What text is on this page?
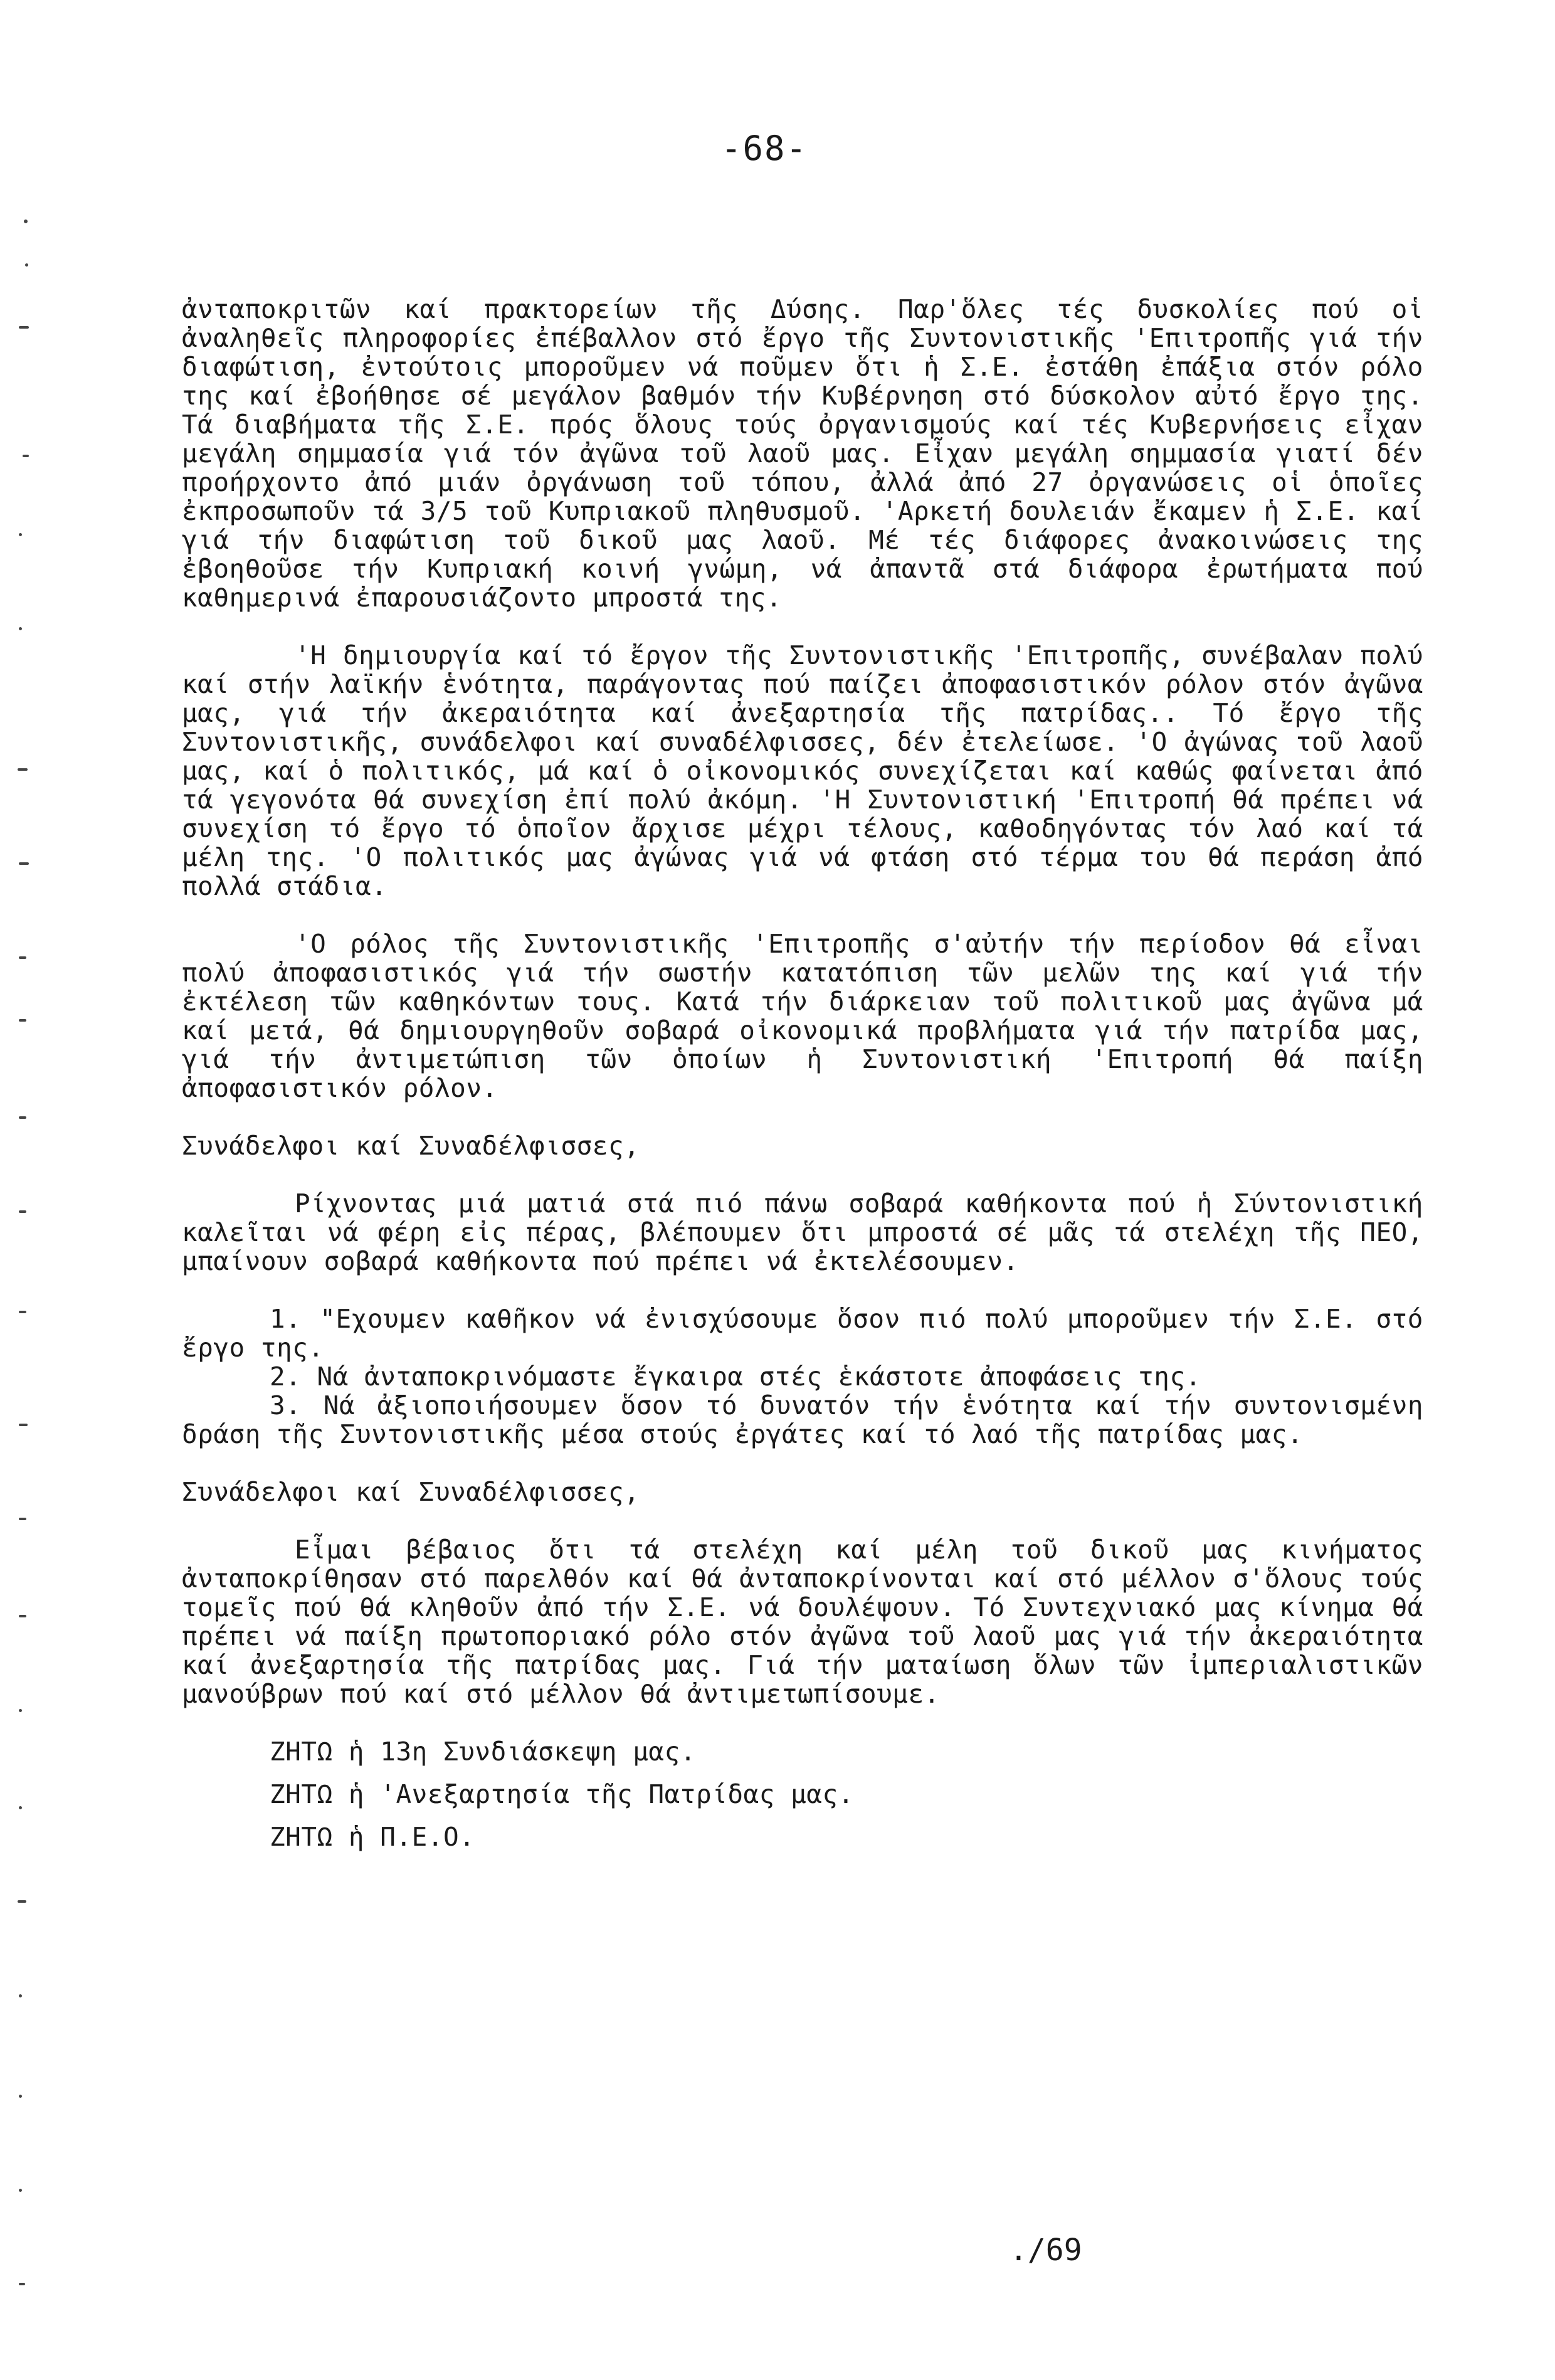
-68-

ἀνταποκριτῶν καί πρακτορείων τῆς Δύσης. Παρ'ὅλες τές δυσκολίες πού οἱ ἀναληθεῖς πληροφορίες ἐπέβαλλον στό ἔργο τῆς Συντονιστικῆς 'Επιτροπῆς γιά τήν διαφώτιση, ἐντούτοις μποροῦμεν νά ποῦμεν ὅτι ἡ Σ.Ε. ἐστάθη ἐπάξια στόν ρόλο της καί ἐβοήθησε σέ μεγάλον βαθμόν τήν Κυβέρνηση στό δύσκολον αὐτό ἔργο της. Τά διαβήματα τῆς Σ.Ε. πρός ὅλους τούς ὀργανισμούς καί τές Κυβερνήσεις εἶχαν μεγάλη σημμασία γιά τόν ἀγῶνα τοῦ λαοῦ μας. Εἶχαν μεγάλη σημμασία γιατί δέν προήρχοντο ἀπό μιάν ὀργάνωση τοῦ τόπου, ἀλλά ἀπό 27 ὀργανώσεις οἱ ὁποῖες ἐκπροσωποῦν τά 3/5 τοῦ Κυπριακοῦ πληθυσμοῦ. 'Αρκετή δουλειάν ἔκαμεν ἡ Σ.Ε. καί γιά τήν διαφώτιση τοῦ δικοῦ μας λαοῦ. Μέ τές διάφορες ἀνακοινώσεις της ἐβοηθοῦσε τήν Κυπριακή κοινή γνώμη, νά ἀπαντᾶ στά διάφορα ἐρωτήματα πού καθημερινά ἐπαρουσιάζοντο μπροστά της.

'Η δημιουργία καί τό ἔργον τῆς Συντονιστικῆς 'Επιτροπῆς, συνέβαλαν πολύ καί στήν λαϊκήν ἑνότητα, παράγοντας πού παίζει ἀποφασιστικόν ρόλον στόν ἀγῶνα μας, γιά τήν ἀκεραιότητα καί ἀνεξαρτησία τῆς πατρίδας.. Τό ἔργο τῆς Συντονιστικῆς, συνάδελφοι καί συναδέλφισσες, δέν ἐτελείωσε. 'Ο ἀγώνας τοῦ λαοῦ μας, καί ὁ πολιτικός, μά καί ὁ οἰκονομικός συνεχίζεται καί καθώς φαίνεται ἀπό τά γεγονότα θά συνεχίση ἐπί πολύ ἀκόμη. 'Η Συντονιστική 'Επιτροπή θά πρέπει νά συνεχίση τό ἔργο τό ὁποῖον ἄρχισε μέχρι τέλους, καθοδηγόντας τόν λαό καί τά μέλη της. 'Ο πολιτικός μας ἀγώνας γιά νά φτάση στό τέρμα του θά περάση ἀπό πολλά στάδια.

'Ο ρόλος τῆς Συντονιστικῆς 'Επιτροπῆς σ'αὐτήν τήν περίοδον θά εἶναι πολύ ἀποφασιστικός γιά τήν σωστήν κατατόπιση τῶν μελῶν της καί γιά τήν ἐκτέλεση τῶν καθηκόντων τους. Κατά τήν διάρκειαν τοῦ πολιτικοῦ μας ἀγῶνα μά καί μετά, θά δημιουργηθοῦν σοβαρά οἰκονομικά προβλήματα γιά τήν πατρίδα μας, γιά τήν ἀντιμετώπιση τῶν ὁποίων ἡ Συντονιστική 'Επιτροπή θά παίξη ἀποφασιστικόν ρόλον.

Συνάδελφοι καί Συναδέλφισσες,

Ρίχνοντας μιά ματιά στά πιό πάνω σοβαρά καθήκοντα πού ἡ Σύντονιστική καλεῖται νά φέρη εἰς πέρας, βλέπουμεν ὅτι μπροστά σέ μᾶς τά στελέχη τῆς ΠΕΟ, μπαίνουν σοβαρά καθήκοντα πού πρέπει νά ἐκτελέσουμεν.

1. "Εχουμεν καθῆκον νά ἐνισχύσουμε ὅσον πιό πολύ μποροῦμεν τήν Σ.Ε. στό ἔργο της.

2. Νά ἀνταποκρινόμαστε ἔγκαιρα στές ἑκάστοτε ἀποφάσεις της.

3. Νά ἀξιοποιήσουμεν ὅσον τό δυνατόν τήν ἑνότητα καί τήν συντονισμένη δράση τῆς Συντονιστικῆς μέσα στούς ἐργάτες καί τό λαό τῆς πατρίδας μας.

Συνάδελφοι καί Συναδέλφισσες,

Εἶμαι βέβαιος ὅτι τά στελέχη καί μέλη τοῦ δικοῦ μας κινήματος ἀνταποκρίθησαν στό παρελθόν καί θά ἀνταποκρίνονται καί στό μέλλον σ'ὅλους τούς τομεῖς πού θά κληθοῦν ἀπό τήν Σ.Ε. νά δουλέψουν. Τό Συντεχνιακό μας κίνημα θά πρέπει νά παίξη πρωτοποριακό ρόλο στόν ἀγῶνα τοῦ λαοῦ μας γιά τήν ἀκεραιότητα καί ἀνεξαρτησία τῆς πατρίδας μας. Γιά τήν ματαίωση ὅλων τῶν ἰμπεριαλιστικῶν μανούβρων πού καί στό μέλλον θά ἀντιμετωπίσουμε.

ΖΗΤΩ ἡ 13η Συνδιάσκεψη μας.

ΖΗΤΩ ἡ 'Ανεξαρτησία τῆς Πατρίδας μας.

ΖΗΤΩ ἡ Π.Ε.Ο.

./69
